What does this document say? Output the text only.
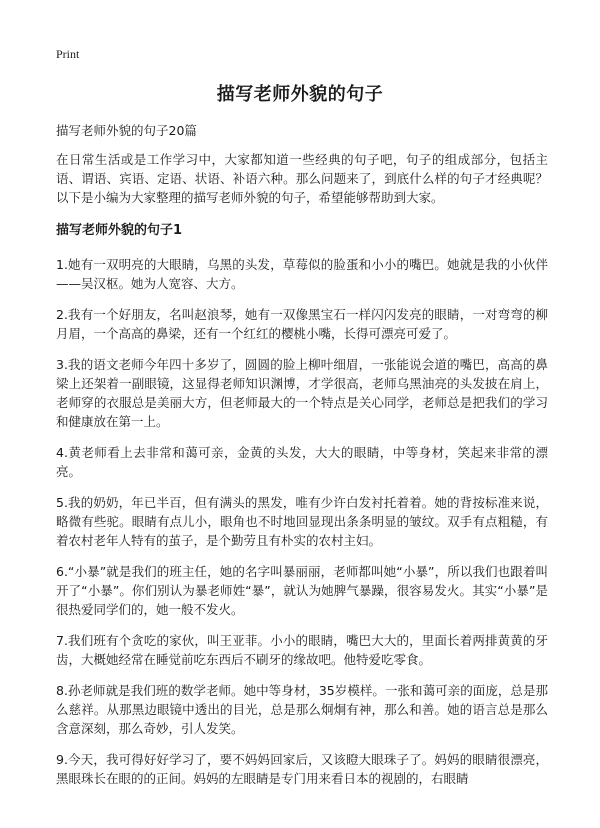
Print
描写老师外貌的句子

描写老师外貌的句子20篇

在日常生活或是工作学习中，大家都知道一些经典的句子吧，句子的组成部分，包括主语、谓语、宾语、定语、状语、补语六种。那么问题来了，到底什么样的句子才经典呢？以下是小编为大家整理的描写老师外貌的句子，希望能够帮助到大家。

描写老师外貌的句子1

1.她有一双明亮的大眼睛，乌黑的头发，草莓似的脸蛋和小小的嘴巴。她就是我的小伙伴——吴汉枢。她为人宽容、大方。

2.我有一个好朋友，名叫赵浪琴，她有一双像黑宝石一样闪闪发亮的眼睛，一对弯弯的柳月眉，一个高高的鼻梁，还有一个红红的樱桃小嘴，长得可漂亮可爱了。

3.我的语文老师今年四十多岁了，圆圆的脸上柳叶细眉，一张能说会道的嘴巴，高高的鼻梁上还架着一副眼镜，这显得老师知识渊博，才学很高，老师乌黑油亮的头发披在肩上，老师穿的衣服总是美丽大方，但老师最大的一个特点是关心同学，老师总是把我们的学习和健康放在第一上。

4.黄老师看上去非常和蔼可亲，金黄的头发，大大的眼睛，中等身材，笑起来非常的漂亮。

5.我的奶奶，年已半百，但有满头的黑发，唯有少许白发衬托着着。她的背按标准来说，略微有些驼。眼睛有点儿小，眼角也不时地回显现出条条明显的皱纹。双手有点粗糙，有着农村老年人特有的茧子，是个勤劳且有朴实的农村主妇。

6.“小暴”就是我们的班主任，她的名字叫暴丽丽，老师都叫她“小暴”，所以我们也跟着叫开了“小暴”。你们别认为暴老师姓“暴”，就认为她脾气暴躁，很容易发火。其实“小暴”是很热爱同学们的，她一般不发火。

7.我们班有个贪吃的家伙，叫王亚菲。小小的眼睛，嘴巴大大的，里面长着两排黄黄的牙齿，大概她经常在睡觉前吃东西后不刷牙的缘故吧。他特爱吃零食。

8.孙老师就是我们班的数学老师。她中等身材，35岁模样。一张和蔼可亲的面庞，总是那么慈祥。从那黑边眼镜中透出的目光，总是那么炯炯有神，那么和善。她的语言总是那么含意深刻，那么奇妙，引人发笑。

9.今天，我可得好好学习了，要不妈妈回家后，又该瞪大眼珠子了。妈妈的眼睛很漂亮，黑眼珠长在眼的的正间。妈妈的左眼睛是专门用来看日本的视剧的，右眼睛
